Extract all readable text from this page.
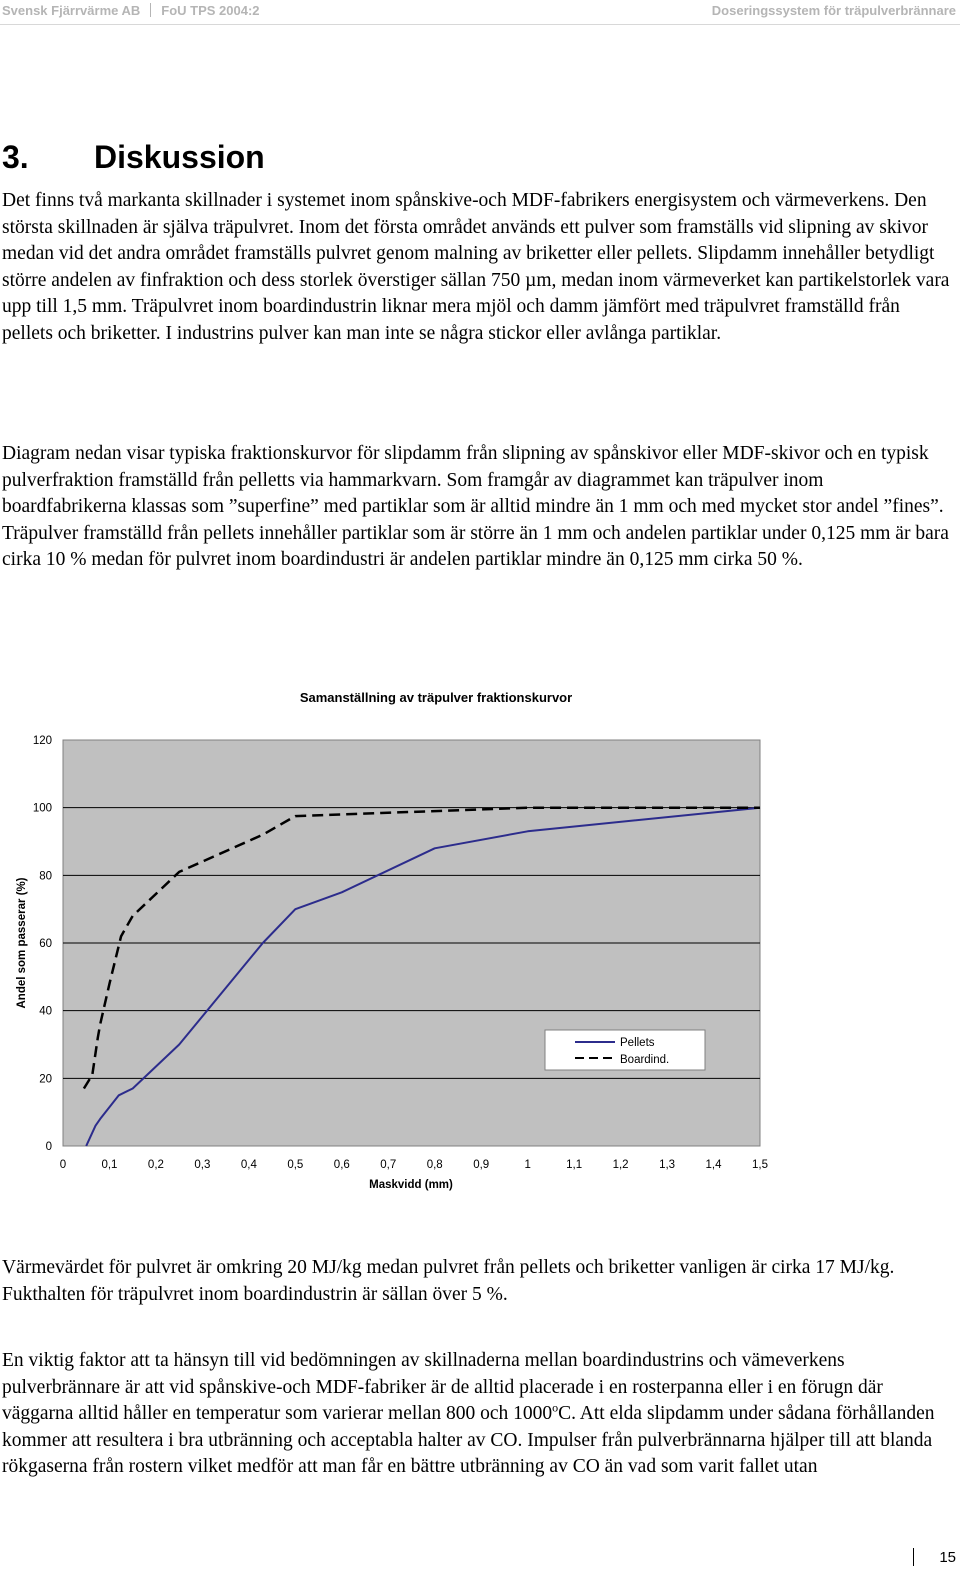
Svensk Fjärrvärme AB FoU TPS 2004:2	Doseringssystem för träpulverbrännare
3. Diskussion

Det finns två markanta skillnader i systemet inom spånskive-och MDF-fabrikers energisystem och värmeverkens. Den största skillnaden är själva träpulvret. Inom det första området används ett pulver som framställs vid slipning av skivor medan vid det andra området framställs pulvret genom malning av briketter eller pellets. Slipdamm innehåller betydligt större andelen av finfraktion och dess storlek överstiger sällan 750 µm, medan inom värmeverket kan partikelstorlek vara upp till 1,5 mm. Träpulvret inom boardindustrin liknar mera mjöl och damm jämfört med träpulvret framställd från pellets och briketter. I industrins pulver kan man inte se några stickor eller avlånga partiklar.

Diagram nedan visar typiska fraktionskurvor för slipdamm från slipning av spånskivor eller MDF-skivor och en typisk pulverfraktion framställd från pelletts via hammarkvarn. Som framgår av diagrammet kan träpulver inom boardfabrikerna klassas som ”superfine” med partiklar som är alltid mindre än 1 mm och med mycket stor andel ”fines”. Träpulver framställd från pellets innehåller partiklar som är större än 1 mm och andelen partiklar under 0,125 mm är bara cirka 10 % medan för pulvret inom boardindustri är andelen partiklar mindre än 0,125 mm cirka 50 %.

Samanställning av träpulver fraktionskurvor
0
20
40
60
80
100
120
0	0,1	0,2	0,3	0,4	0,5	0,6	0,7	0,8	0,9	1	1,1	1,2	1,3	1,4	1,5
Maskvidd (mm)
Andel som passerar (%)
Pellets
Boardind.

Värmevärdet för pulvret är omkring 20 MJ/kg medan pulvret från pellets och briketter vanligen är cirka 17 MJ/kg. Fukthalten för träpulvret inom boardindustrin är sällan över 5 %.

En viktig faktor att ta hänsyn till vid bedömningen av skillnaderna mellan boardindustrins och vämeverkens pulverbrännare är att vid spånskive-och MDF-fabriker är de alltid placerade i en rosterpanna eller i en förugn där väggarna alltid håller en temperatur som varierar mellan 800 och 1000$^o$C. Att elda slipdamm under sådana förhållanden kommer att resultera i bra utbränning och acceptabla halter av CO. Impulser från pulverbrännarna hjälper till att blanda rökgaserna från rostern vilket medför att man får en bättre utbränning av CO än vad som varit fallet utan

15
